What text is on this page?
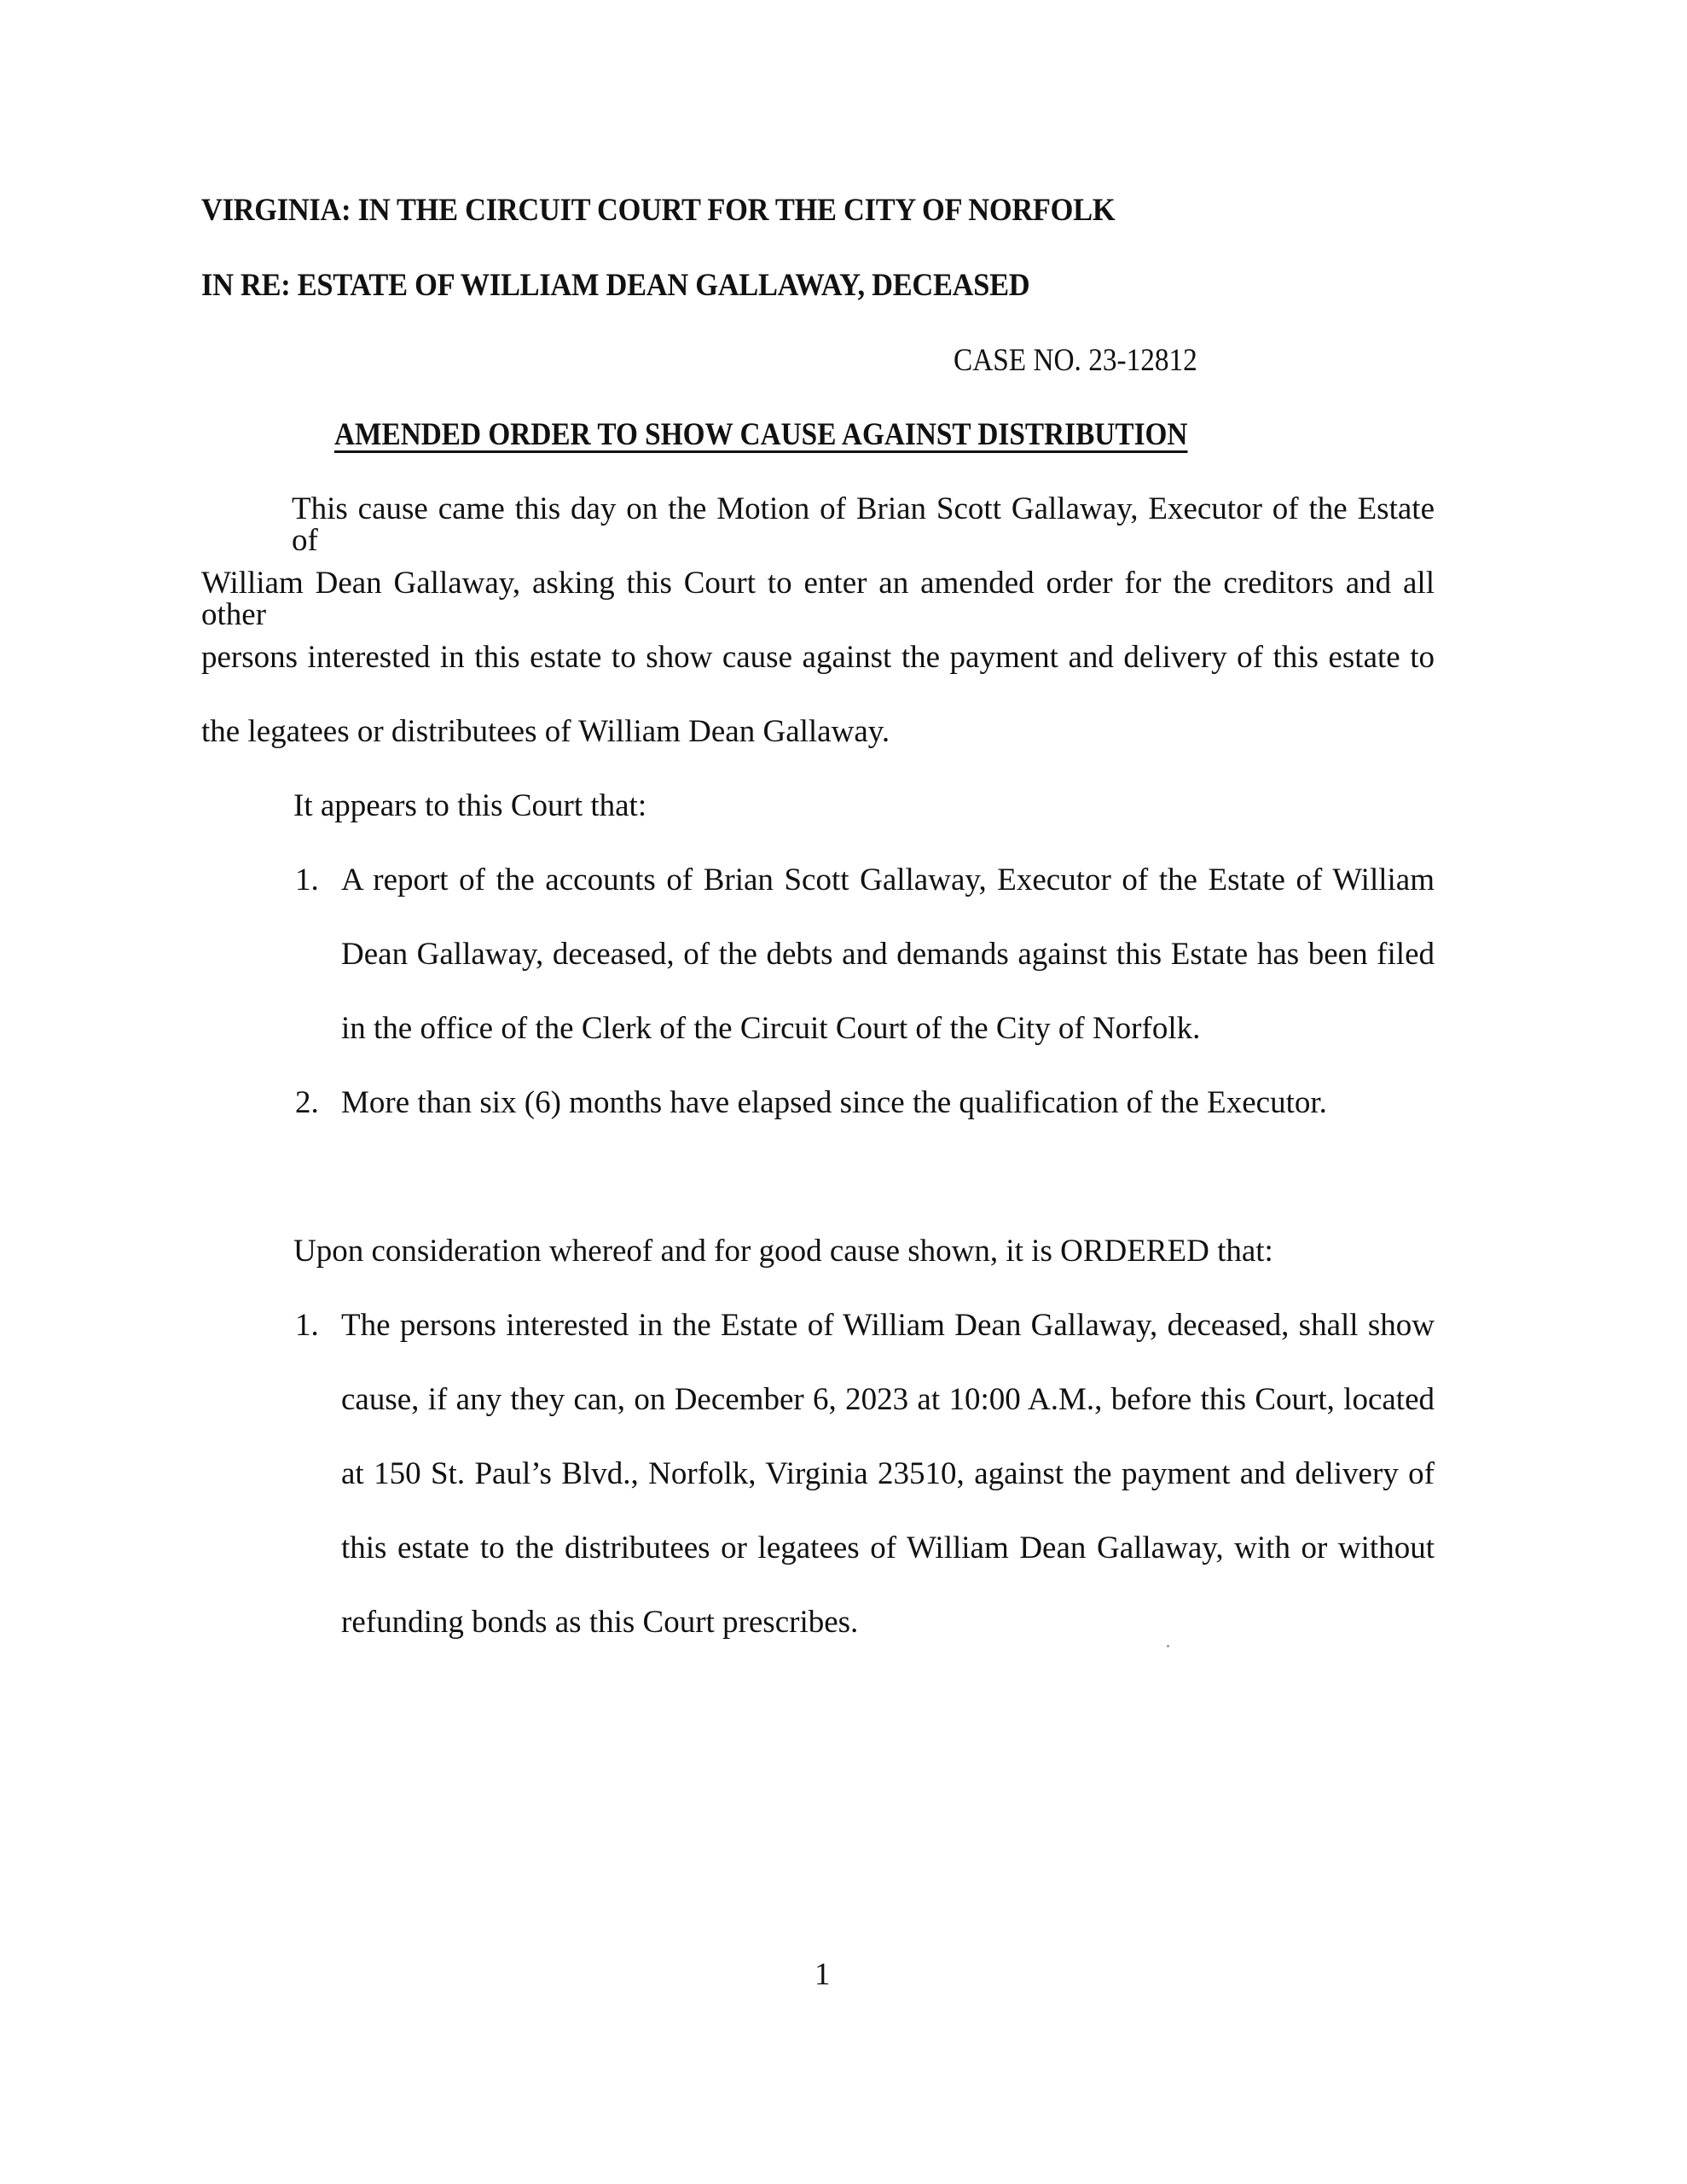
VIRGINIA: IN THE CIRCUIT COURT FOR THE CITY OF NORFOLK
IN RE: ESTATE OF WILLIAM DEAN GALLAWAY, DECEASED
CASE NO. 23-12812
AMENDED ORDER TO SHOW CAUSE AGAINST DISTRIBUTION
This cause came this day on the Motion of Brian Scott Gallaway, Executor of the Estate of
William Dean Gallaway, asking this Court to enter an amended order for the creditors and all other
persons interested in this estate to show cause against the payment and delivery of this estate to
the legatees or distributees of William Dean Gallaway.
It appears to this Court that:
1. A report of the accounts of Brian Scott Gallaway, Executor of the Estate of William
Dean Gallaway, deceased, of the debts and demands against this Estate has been filed
in the office of the Clerk of the Circuit Court of the City of Norfolk.
2. More than six (6) months have elapsed since the qualification of the Executor.
Upon consideration whereof and for good cause shown, it is ORDERED that:
1. The persons interested in the Estate of William Dean Gallaway, deceased, shall show
cause, if any they can, on December 6, 2023 at 10:00 A.M., before this Court, located
at 150 St. Paul’s Blvd., Norfolk, Virginia 23510, against the payment and delivery of
this estate to the distributees or legatees of William Dean Gallaway, with or without
refunding bonds as this Court prescribes.
1
